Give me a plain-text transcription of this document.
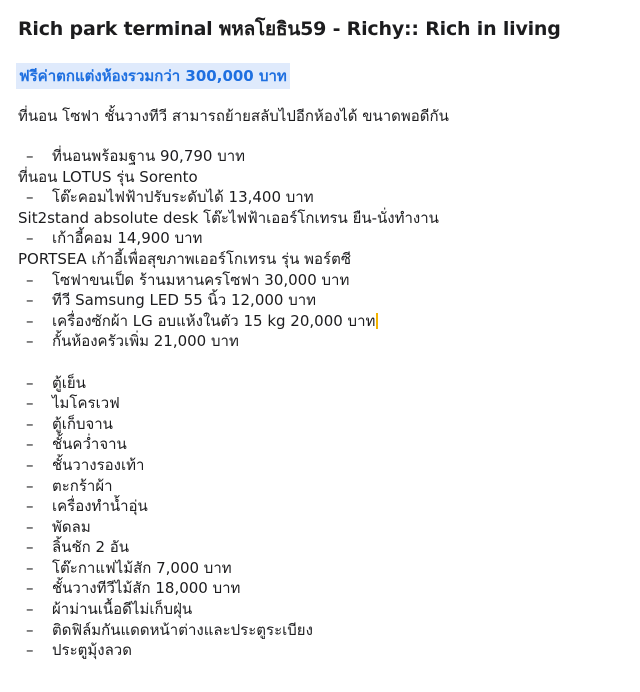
Rich park terminal พหลโยธิน59 - Richy:: Rich in living
ฟรีค่าตกแต่งห้องรวมกว่า 300,000 บาท
ที่นอน โซฟา ชั้นวางทีวี สามารถย้ายสลับไปอีกห้องได้ ขนาดพอดีกัน
– ที่นอนพร้อมฐาน 90,790 บาท
ที่นอน LOTUS รุ่น Sorento
– โต๊ะคอมไฟฟ้าปรับระดับได้ 13,400 บาท
Sit2stand absolute desk โต๊ะไฟฟ้าเออร์โกเทรน ยืน-นั่งทำงาน
– เก้าอี้คอม 14,900 บาท
PORTSEA เก้าอี้เพื่อสุขภาพเออร์โกเทรน รุ่น พอร์ตซี
– โซฟาขนเป็ด ร้านมหานครโซฟา 30,000 บาท
– ทีวี Samsung LED 55 นิ้ว 12,000 บาท
– เครื่องซักผ้า LG อบแห้งในตัว 15 kg 20,000 บาท
– กั้นห้องครัวเพิ่ม 21,000 บาท
– ตู้เย็น
– ไมโครเวฟ
– ตู้เก็บจาน
– ชั้นคว่ำจาน
– ชั้นวางรองเท้า
– ตะกร้าผ้า
– เครื่องทำน้ำอุ่น
– พัดลม
– ลิ้นชัก 2 อัน
– โต๊ะกาแฟไม้สัก 7,000 บาท
– ชั้นวางทีวีไม้สัก 18,000 บาท
– ผ้าม่านเนื้อดีไม่เก็บฝุ่น
– ติดฟิล์มกันแดดหน้าต่างและประตูระเบียง
– ประตูมุ้งลวด
